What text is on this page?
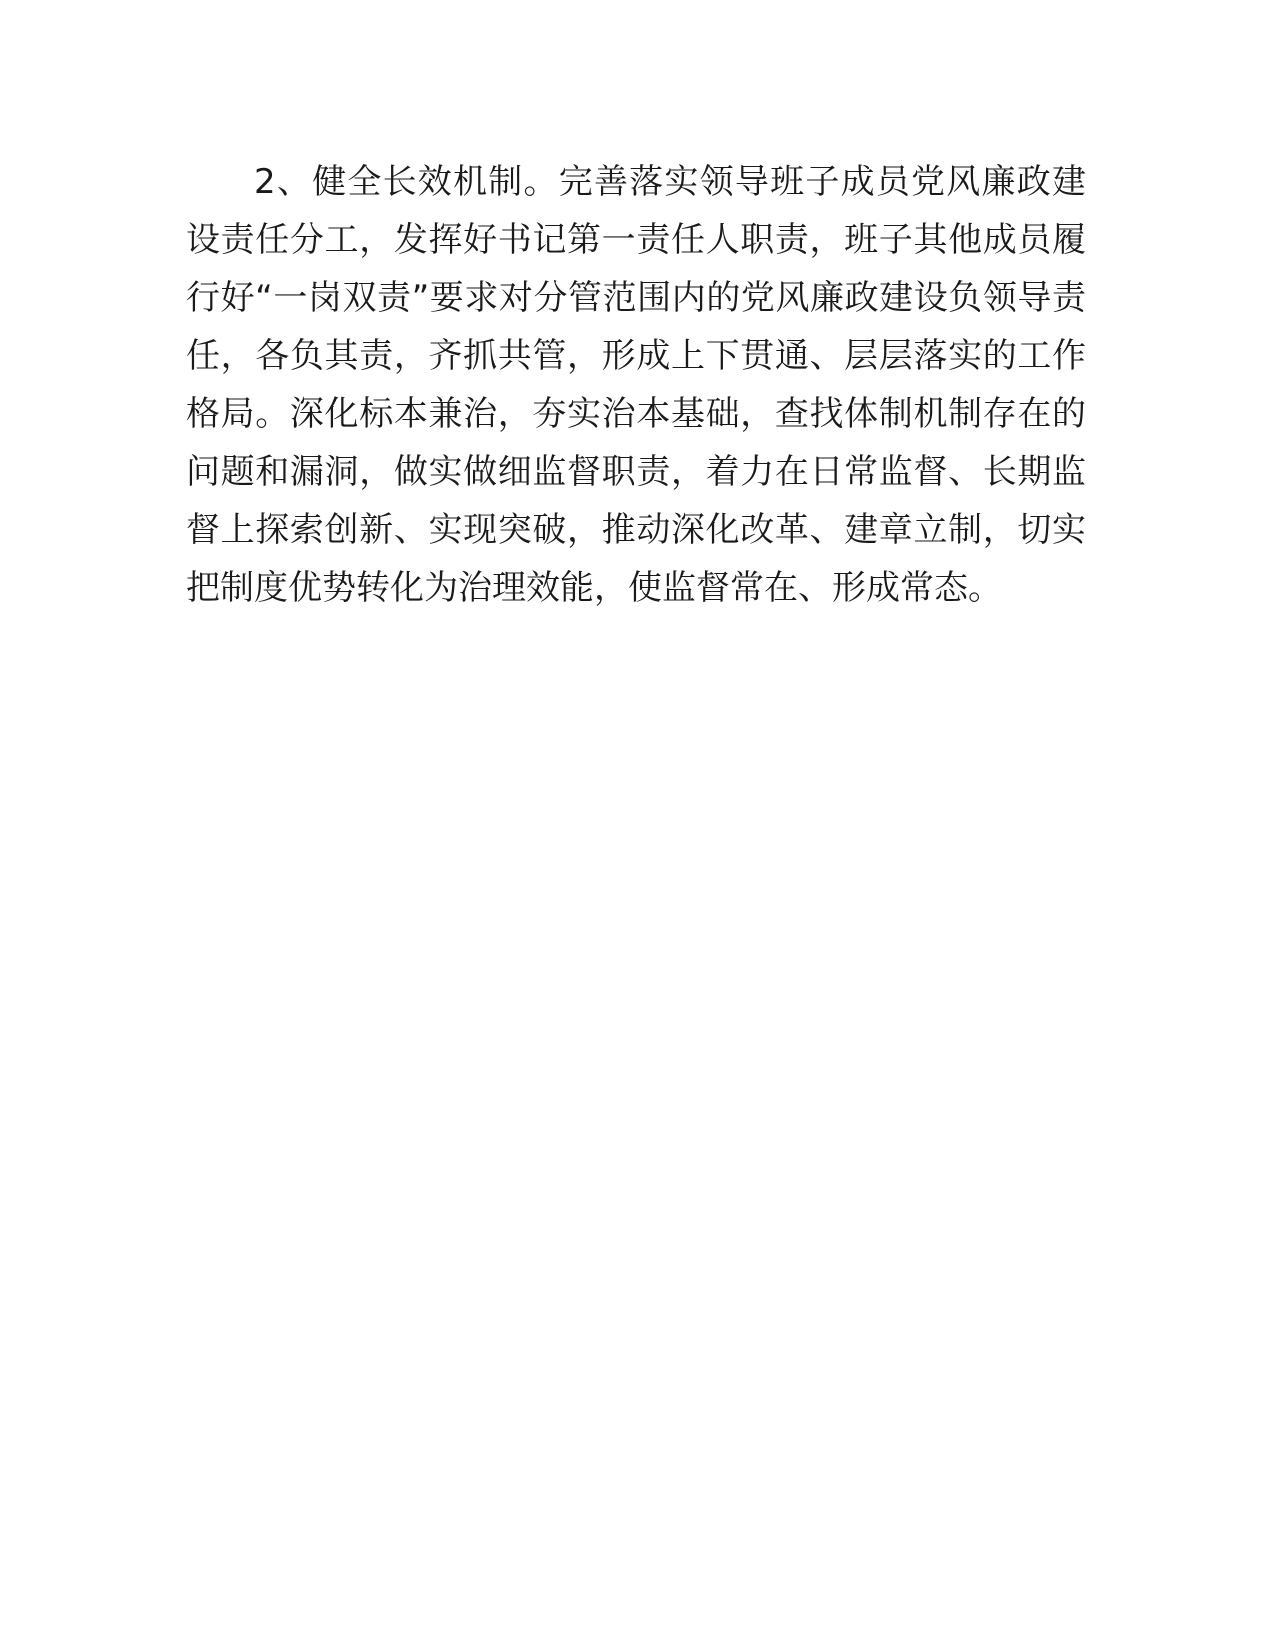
2、健全长效机制。完善落实领导班子成员党风廉政建设责任分工，发挥好书记第一责任人职责，班子其他成员履行好“一岗双责”要求对分管范围内的党风廉政建设负领导责任，各负其责，齐抓共管，形成上下贯通、层层落实的工作格局。深化标本兼治，夯实治本基础，查找体制机制存在的问题和漏洞，做实做细监督职责，着力在日常监督、长期监督上探索创新、实现突破，推动深化改革、建章立制，切实把制度优势转化为治理效能，使监督常在、形成常态。
